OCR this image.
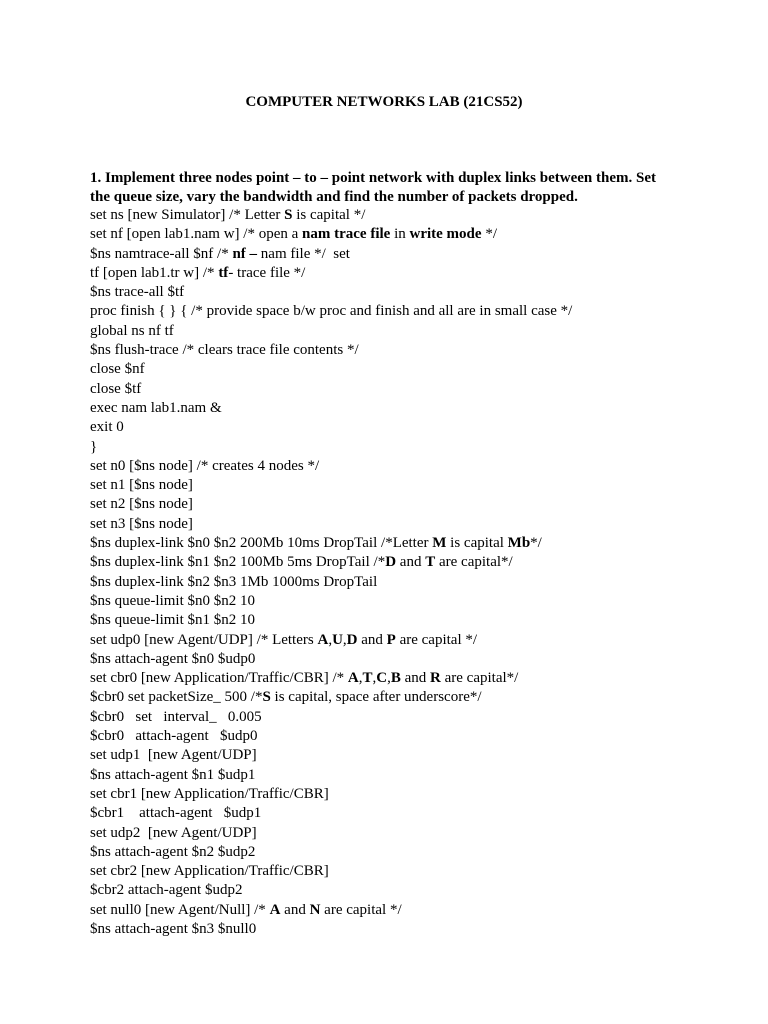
COMPUTER NETWORKS LAB (21CS52)
1. Implement three nodes point – to – point network with duplex links between them. Set
the queue size, vary the bandwidth and find the number of packets dropped.
set ns [new Simulator] /* Letter S is capital */
set nf [open lab1.nam w] /* open a nam trace file in write mode */
$ns namtrace-all $nf /* nf – nam file */  set
tf [open lab1.tr w] /* tf- trace file */
$ns trace-all $tf
proc finish { } { /* provide space b/w proc and finish and all are in small case */
global ns nf tf
$ns flush-trace /* clears trace file contents */
close $nf
close $tf
exec nam lab1.nam &
exit 0
}
set n0 [$ns node] /* creates 4 nodes */
set n1 [$ns node]
set n2 [$ns node]
set n3 [$ns node]
$ns duplex-link $n0 $n2 200Mb 10ms DropTail /*Letter M is capital Mb*/
$ns duplex-link $n1 $n2 100Mb 5ms DropTail /*D and T are capital*/
$ns duplex-link $n2 $n3 1Mb 1000ms DropTail
$ns queue-limit $n0 $n2 10
$ns queue-limit $n1 $n2 10
set udp0 [new Agent/UDP] /* Letters A,U,D and P are capital */
$ns attach-agent $n0 $udp0
set cbr0 [new Application/Traffic/CBR] /* A,T,C,B and R are capital*/
$cbr0 set packetSize_ 500 /*S is capital, space after underscore*/
$cbr0   set   interval_   0.005
$cbr0   attach-agent   $udp0
set udp1  [new Agent/UDP]
$ns attach-agent $n1 $udp1
set cbr1 [new Application/Traffic/CBR]
$cbr1    attach-agent   $udp1
set udp2  [new Agent/UDP]
$ns attach-agent $n2 $udp2
set cbr2 [new Application/Traffic/CBR]
$cbr2 attach-agent $udp2
set null0 [new Agent/Null] /* A and N are capital */
$ns attach-agent $n3 $null0
